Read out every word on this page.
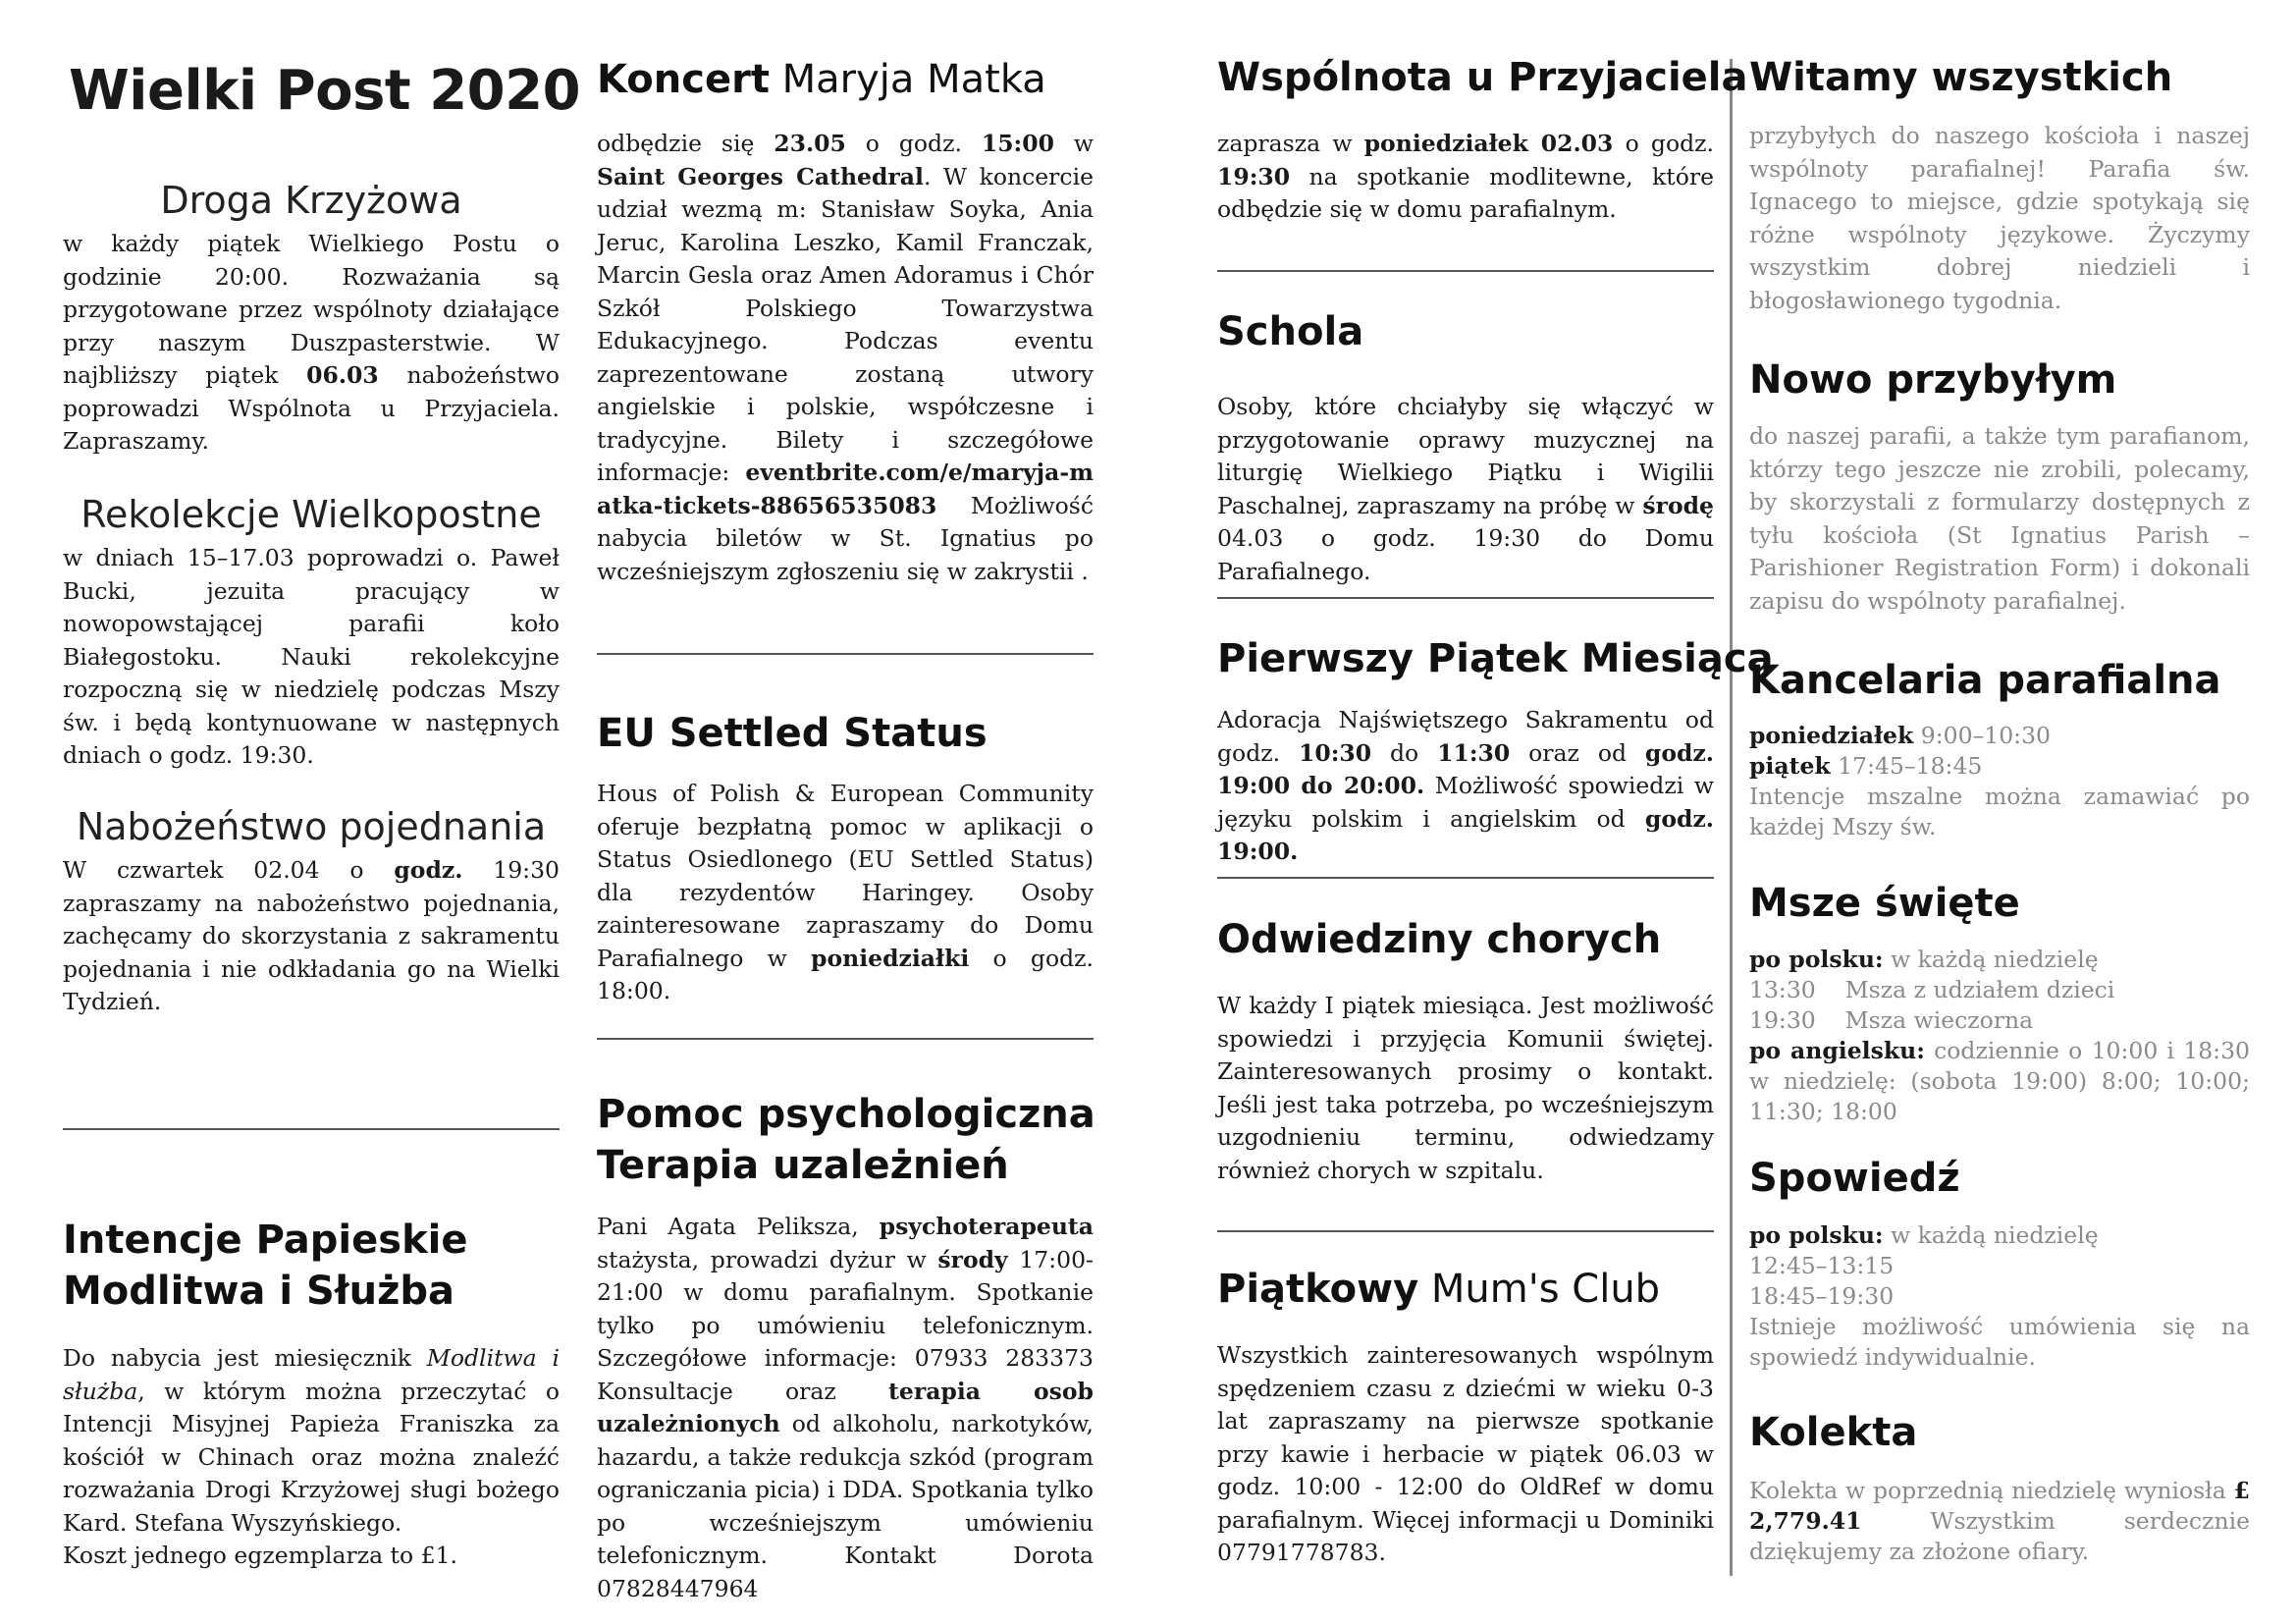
Wielki Post 2020
Droga Krzyżowa

w każdy piątek Wielkiego Postu o godzinie 20:00. Rozważania są przygotowane przez wspólnoty działające przy naszym Duszpasterstwie. W najbliższy piątek 06.03 nabożeństwo poprowadzi Wspólnota u Przyjaciela. Zapraszamy.

Rekolekcje Wielkopostne

w dniach 15–17.03 poprowadzi o. Paweł Bucki, jezuita pracujący w nowopowstającej parafii koło Białegostoku. Nauki rekolekcyjne rozpoczną się w niedzielę podczas Mszy św. i będą kontynuowane w następnych dniach o godz. 19:30.

Nabożeństwo pojednania

W czwartek 02.04 o godz. 19:30 zapraszamy na nabożeństwo pojednania, zachęcamy do skorzystania z sakramentu pojednania i nie odkładania go na Wielki Tydzień.

Intencje Papieskie
Modlitwa i Służba

Do nabycia jest miesięcznik Modlitwa i służba, w którym można przeczytać o Intencji Misyjnej Papieża Franiszka za kościół w Chinach oraz można znaleźć rozważania Drogi Krzyżowej sługi bożego Kard. Stefana Wyszyńskiego.
Koszt jednego egzemplarza to £1.

Koncert Maryja Matka

odbędzie się 23.05 o godz. 15:00 w Saint Georges Cathedral. W koncercie udział wezmą m: Stanisław Soyka, Ania Jeruc, Karolina Leszko, Kamil Franczak, Marcin Gesla oraz Amen Adoramus i Chór Szkół Polskiego Towarzystwa Edukacyjnego. Podczas eventu zaprezentowane zostaną utwory angielskie i polskie, współczesne i tradycyjne. Bilety i szczegółowe informacje: eventbrite.com/e/maryja-matka-tickets-88656535083 Możliwość nabycia biletów w St. Ignatius po wcześniejszym zgłoszeniu się w zakrystii .

EU Settled Status

Hous of Polish & European Community oferuje bezpłatną pomoc w aplikacji o Status Osiedlonego (EU Settled Status) dla rezydentów Haringey. Osoby zainteresowane zapraszamy do Domu Parafialnego w poniedziałki o godz. 18:00.

Pomoc psychologiczna
Terapia uzależnień

Pani Agata Peliksza, psychoterapeuta stażysta, prowadzi dyżur w środy 17:00-21:00 w domu parafialnym. Spotkanie tylko po umówieniu telefonicznym. Szczegółowe informacje: 07933 283373 Konsultacje oraz terapia osob uzależnionych od alkoholu, narkotyków, hazardu, a także redukcja szkód (program ograniczania picia) i DDA. Spotkania tylko po wcześniejszym umówieniu telefonicznym. Kontakt Dorota 07828447964

Wspólnota u Przyjaciela

zaprasza w poniedziałek 02.03 o godz. 19:30 na spotkanie modlitewne, które odbędzie się w domu parafialnym.

Schola

Osoby, które chciałyby się włączyć w przygotowanie oprawy muzycznej na liturgię Wielkiego Piątku i Wigilii Paschalnej, zapraszamy na próbę w środę 04.03 o godz. 19:30 do Domu Parafialnego.

Pierwszy Piątek Miesiąca

Adoracja Najświętszego Sakramentu od godz. 10:30 do 11:30 oraz od godz. 19:00 do 20:00. Możliwość spowiedzi w języku polskim i angielskim od godz. 19:00.

Odwiedziny chorych

W każdy I piątek miesiąca. Jest możliwość spowiedzi i przyjęcia Komunii świętej. Zainteresowanych prosimy o kontakt. Jeśli jest taka potrzeba, po wcześniejszym uzgodnieniu terminu, odwiedzamy również chorych w szpitalu.

Piątkowy Mum's Club

Wszystkich zainteresowanych wspólnym spędzeniem czasu z dziećmi w wieku 0-3 lat zapraszamy na pierwsze spotkanie przy kawie i herbacie w piątek 06.03 w godz. 10:00 - 12:00 do OldRef w domu parafialnym. Więcej informacji u Dominiki 07791778783.

Witamy wszystkich

przybyłych do naszego kościoła i naszej wspólnoty parafialnej! Parafia św. Ignacego to miejsce, gdzie spotykają się różne wspólnoty językowe. Życzymy wszystkim dobrej niedzieli i błogosławionego tygodnia.

Nowo przybyłym

do naszej parafii, a także tym parafianom, którzy tego jeszcze nie zrobili, polecamy, by skorzystali z formularzy dostępnych z tyłu kościoła (St Ignatius Parish – Parishioner Registration Form) i dokonali zapisu do wspólnoty parafialnej.

Kancelaria parafialna
poniedziałek 9:00–10:30
piątek 17:45–18:45

Intencje mszalne można zamawiać po każdej Mszy św.

Msze święte
po polsku: w każdą niedzielę
13:30    Msza z udziałem dzieci
19:30    Msza wieczorna

po angielsku: codziennie o 10:00 i 18:30 w niedzielę: (sobota 19:00) 8:00; 10:00; 11:30; 18:00

Spowiedź
po polsku: w każdą niedzielę
12:45–13:15
18:45–19:30

Istnieje możliwość umówienia się na spowiedź indywidualnie.

Kolekta

Kolekta w poprzednią niedzielę wyniosła £ 2,779.41 Wszystkim serdecznie dziękujemy za złożone ofiary.
